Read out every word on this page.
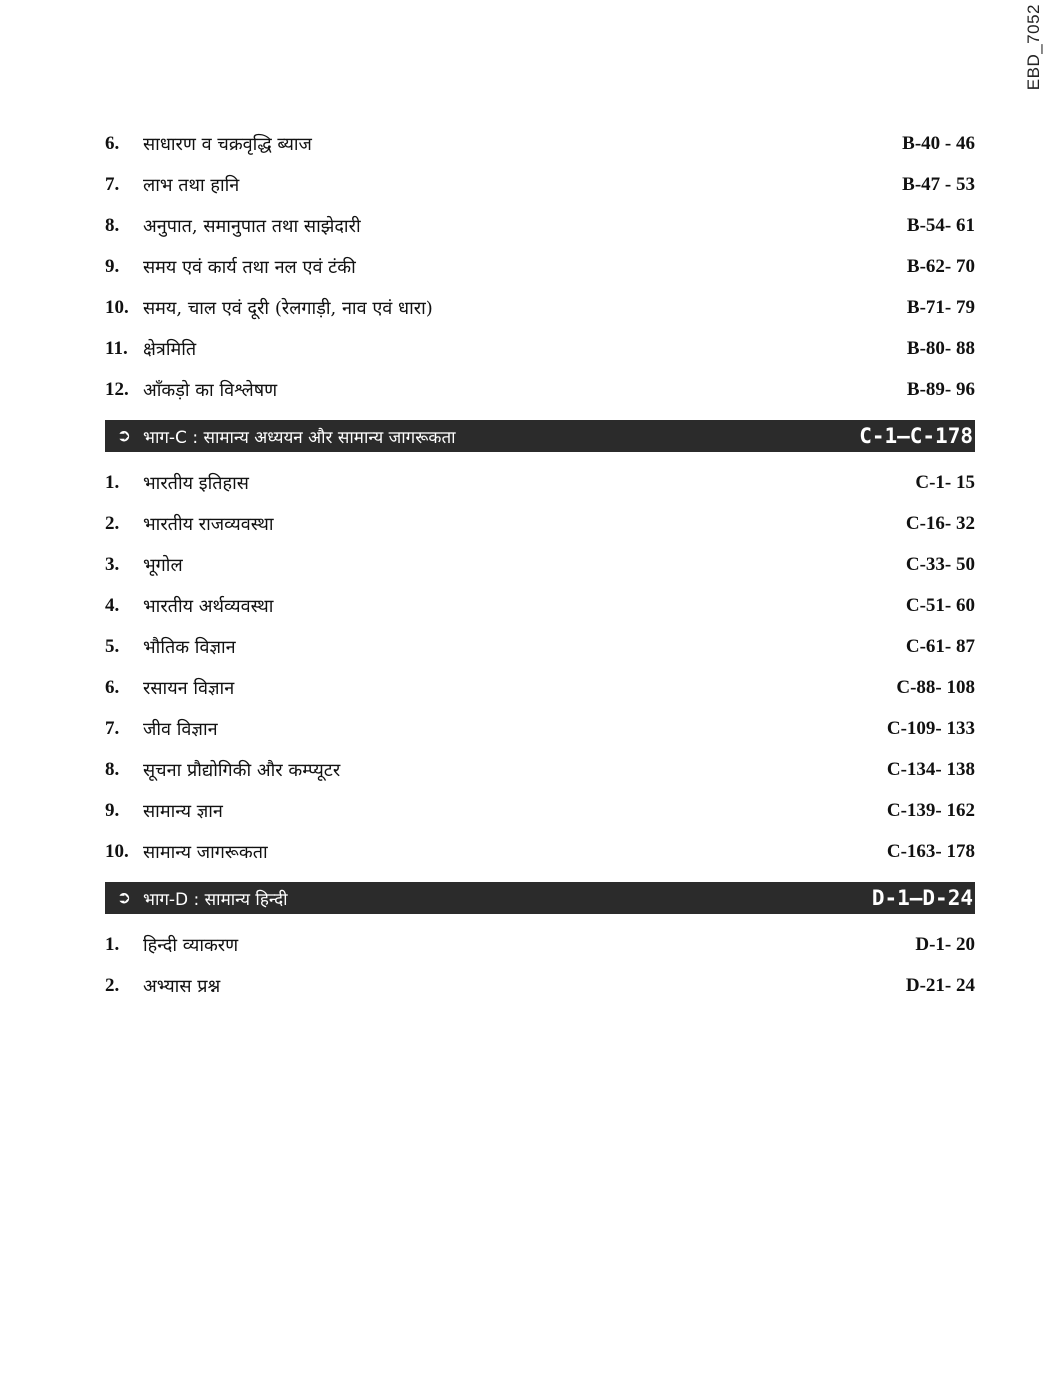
EBD_7052
6.	साधारण व चक्रवृद्धि ब्याज	B-40 - 46
7.	लाभ तथा हानि	B-47 - 53
8.	अनुपात, समानुपात तथा साझेदारी	B-54- 61
9.	समय एवं कार्य तथा नल एवं टंकी	B-62- 70
10. समय, चाल एवं दूरी (रेलगाड़ी, नाव एवं धारा)	B-71- 79
11. क्षेत्रमिति	B-80- 88
12. आँकड़ो का विश्लेषण	B-89- 96
➲ भाग-C : सामान्य अध्ययन और सामान्य जागरूकता	C-1–C-178
1.	भारतीय इतिहास	C-1- 15
2.	भारतीय राजव्यवस्था	C-16- 32
3.	भूगोल	C-33- 50
4.	भारतीय अर्थव्यवस्था	C-51- 60
5.	भौतिक विज्ञान	C-61- 87
6.	रसायन विज्ञान	C-88- 108
7.	जीव विज्ञान	C-109- 133
8.	सूचना प्रौद्योगिकी और कम्प्यूटर	C-134- 138
9.	सामान्य ज्ञान	C-139- 162
10. सामान्य जागरूकता	C-163- 178
➲ भाग-D : सामान्य हिन्दी	D-1–D-24
1.	हिन्दी व्याकरण	D-1- 20
2.	अभ्यास प्रश्न	D-21- 24
